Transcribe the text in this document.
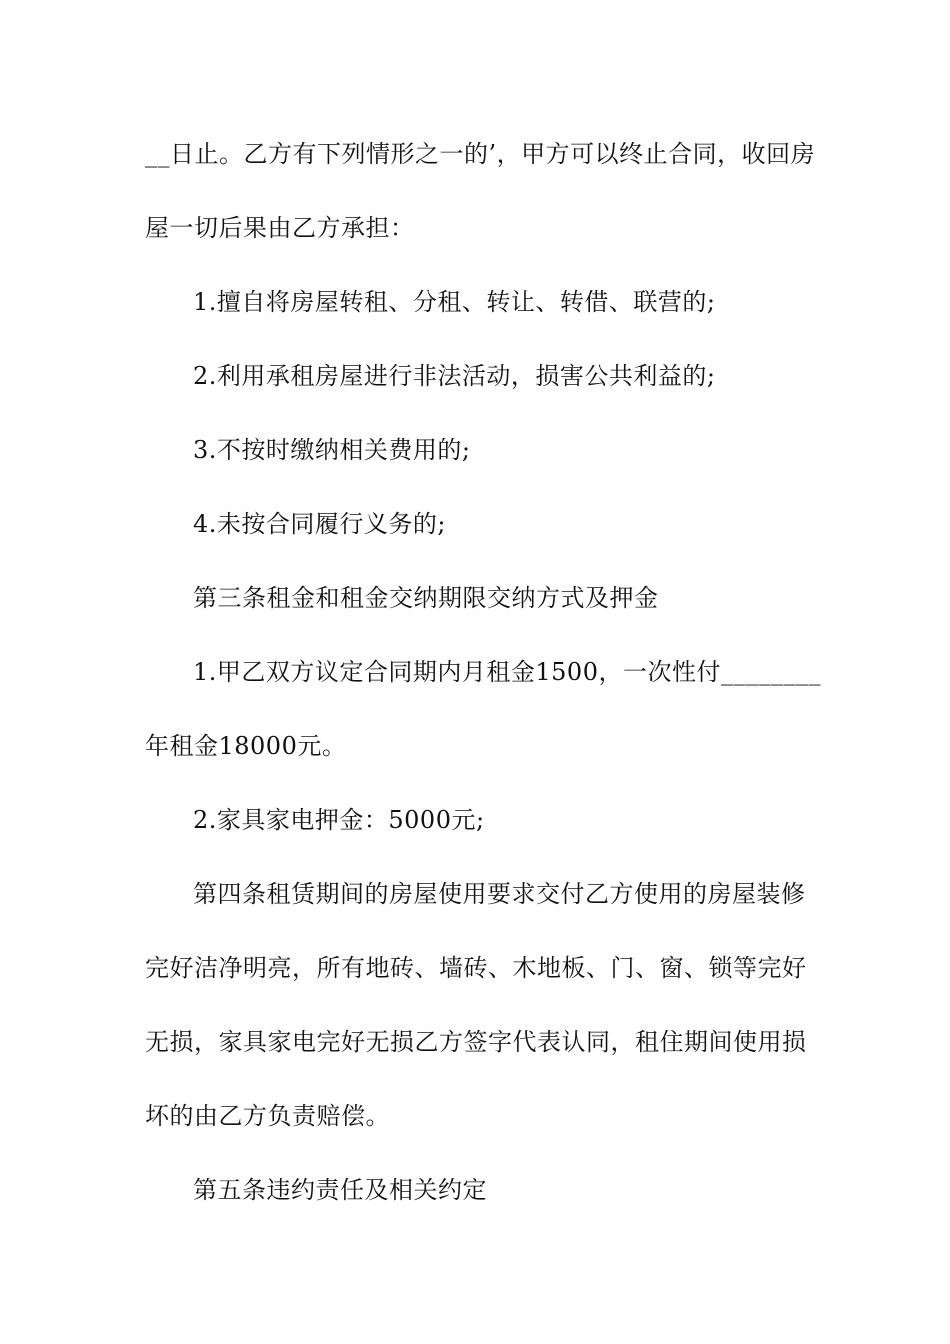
__日止。乙方有下列情形之一的’，甲方可以终止合同，收回房
屋一切后果由乙方承担：
1.擅自将房屋转租、分租、转让、转借、联营的;
2.利用承租房屋进行非法活动，损害公共利益的;
3.不按时缴纳相关费用的;
4.未按合同履行义务的;
第三条租金和租金交纳期限交纳方式及押金
1.甲乙双方议定合同期内月租金1500，一次性付________
年租金18000元。
2.家具家电押金：5000元;
第四条租赁期间的房屋使用要求交付乙方使用的房屋装修
完好洁净明亮，所有地砖、墙砖、木地板、门、窗、锁等完好
无损，家具家电完好无损乙方签字代表认同，租住期间使用损
坏的由乙方负责赔偿。
第五条违约责任及相关约定
